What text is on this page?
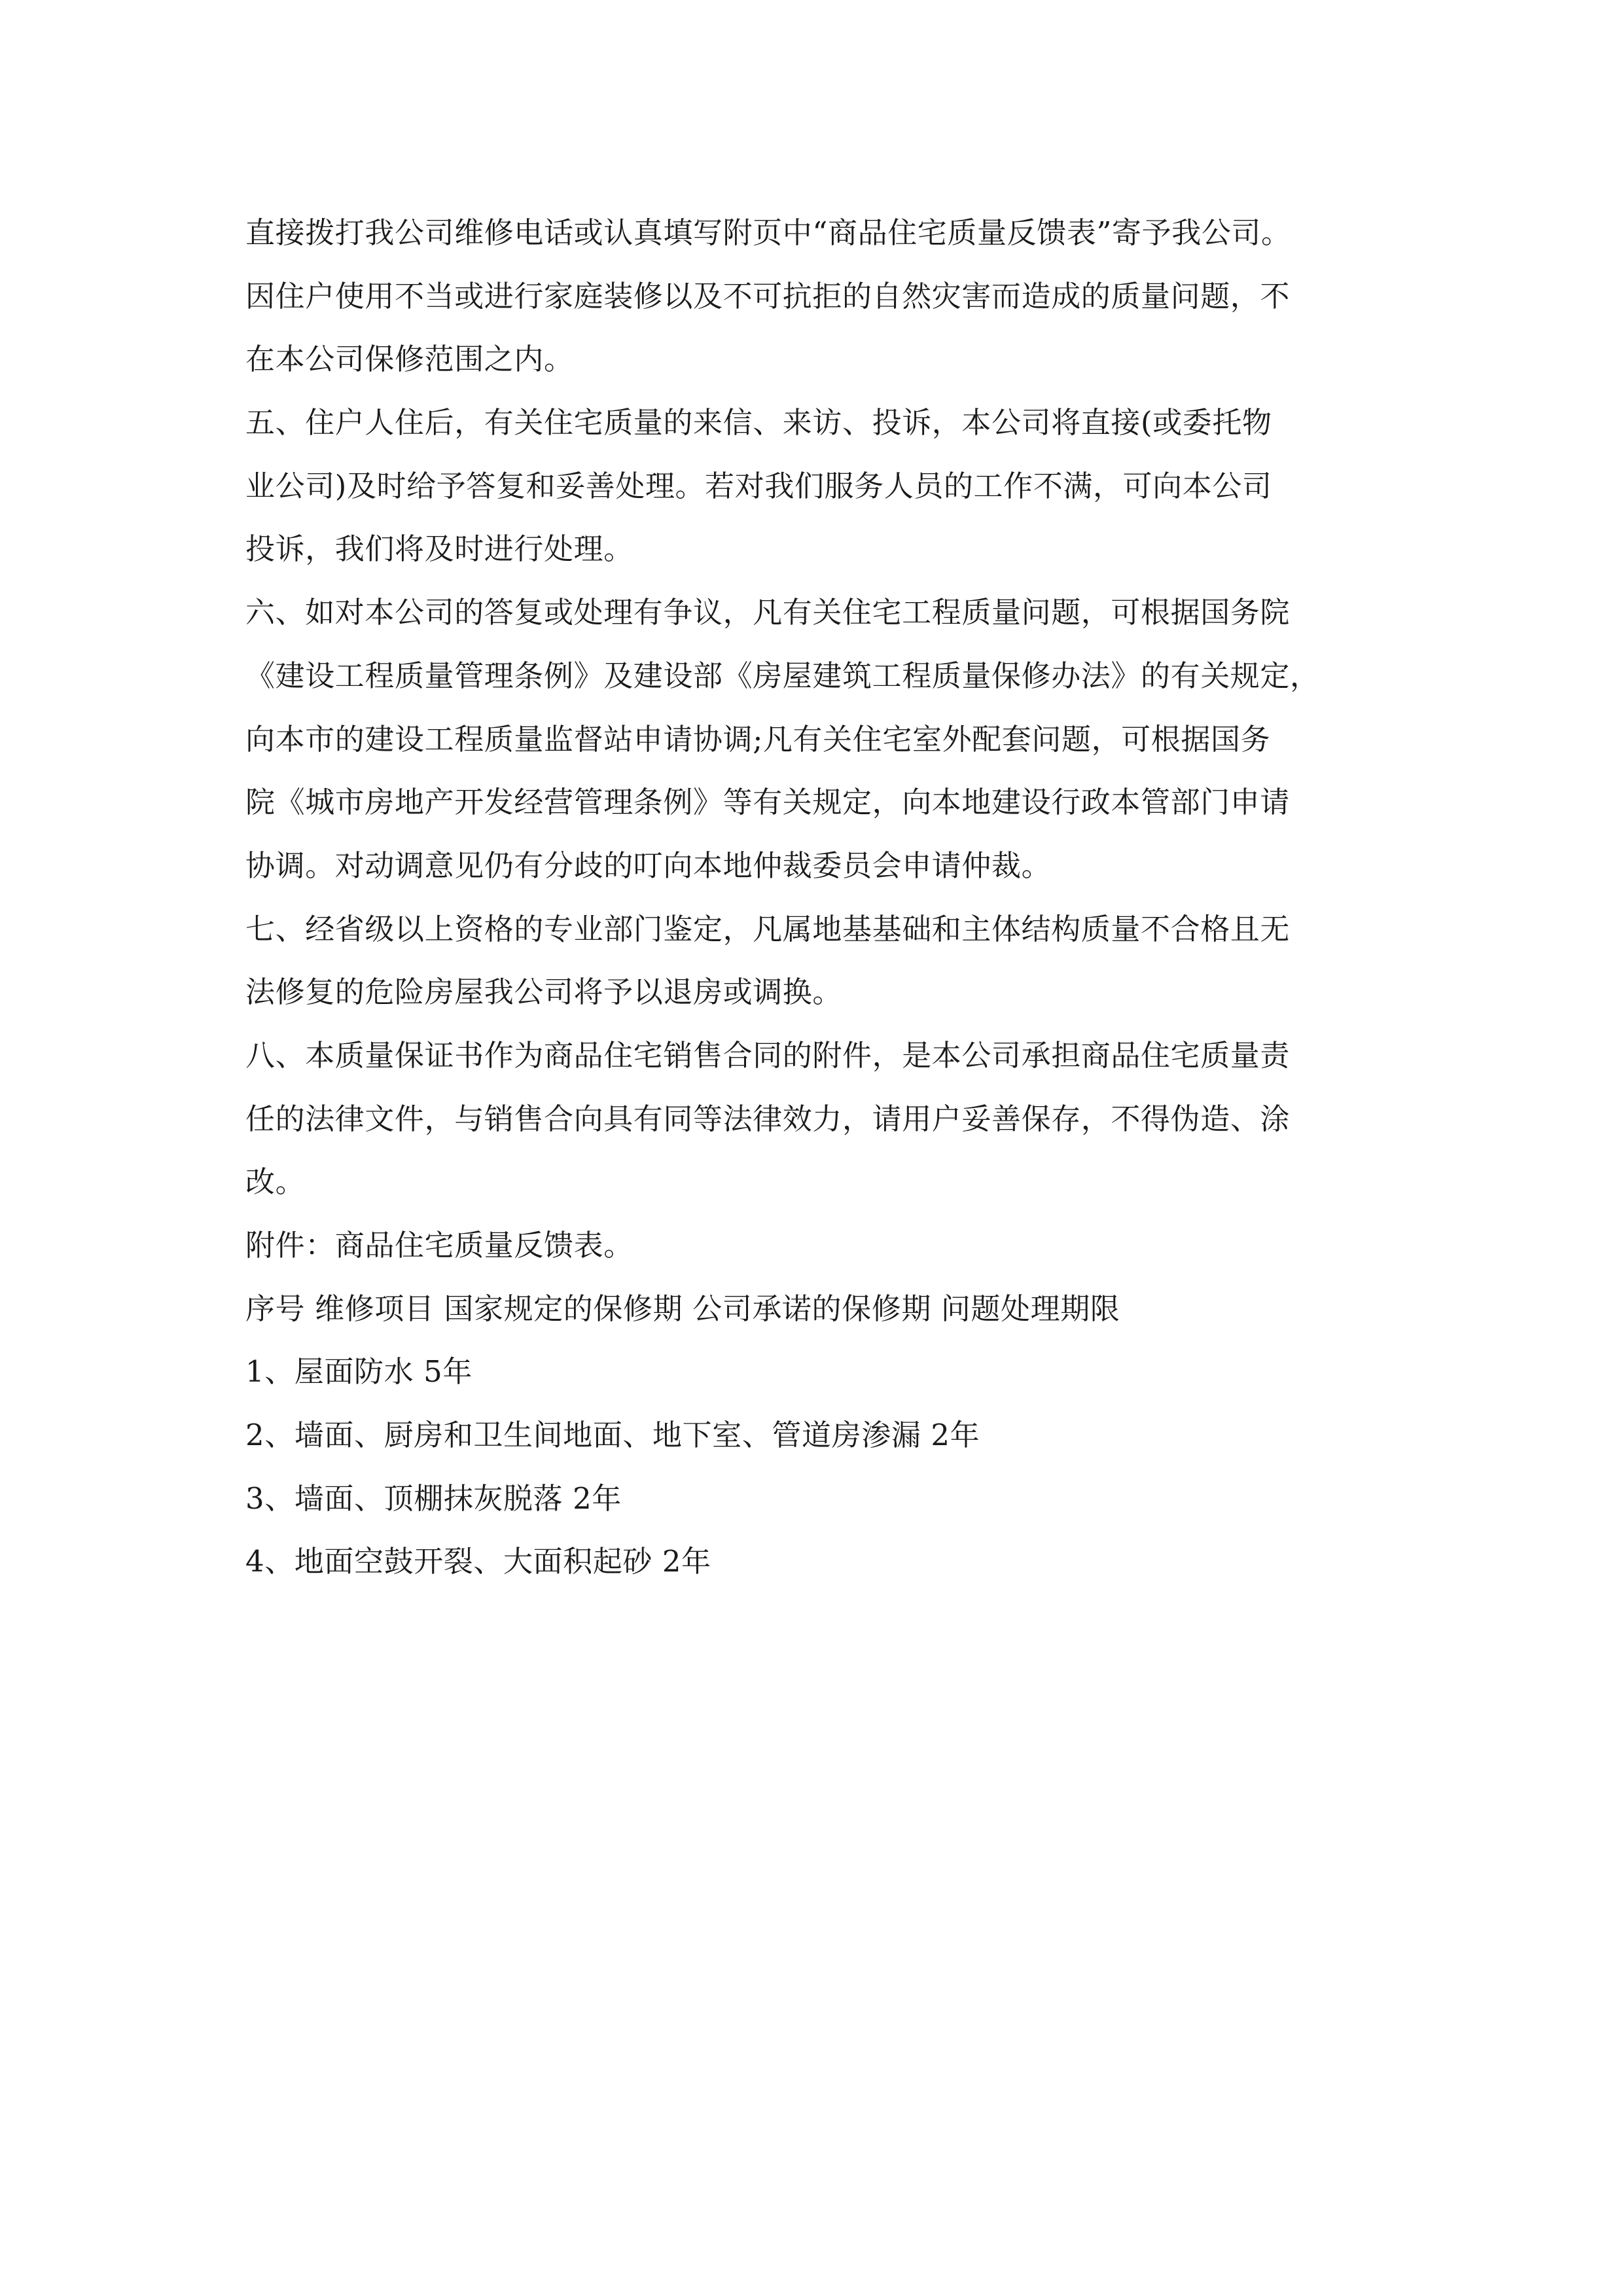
直接拨打我公司维修电话或认真填写附页中“商品住宅质量反馈表”寄予我公司。
因住户使用不当或进行家庭装修以及不可抗拒的自然灾害而造成的质量问题，不
在本公司保修范围之内。
五、住户人住后，有关住宅质量的来信、来访、投诉，本公司将直接(或委托物
业公司)及时给予答复和妥善处理。若对我们服务人员的工作不满，可向本公司
投诉，我们将及时进行处理。
六、如对本公司的答复或处理有争议，凡有关住宅工程质量问题，可根据国务院
《建设工程质量管理条例》及建设部《房屋建筑工程质量保修办法》的有关规定，
向本市的建设工程质量监督站申请协调;凡有关住宅室外配套问题，可根据国务
院《城市房地产开发经营管理条例》等有关规定，向本地建设行政本管部门申请
协调。对动调意见仍有分歧的叮向本地仲裁委员会申请仲裁。
七、经省级以上资格的专业部门鉴定，凡属地基基础和主体结构质量不合格且无
法修复的危险房屋我公司将予以退房或调换。
八、本质量保证书作为商品住宅销售合同的附件，是本公司承担商品住宅质量责
任的法律文件，与销售合向具有同等法律效力，请用户妥善保存，不得伪造、涂
改。
附件：商品住宅质量反馈表。
序号 维修项目 国家规定的保修期 公司承诺的保修期 问题处理期限
1、屋面防水 5年
2、墙面、厨房和卫生间地面、地下室、管道房渗漏 2年
3、墙面、顶棚抹灰脱落 2年
4、地面空鼓开裂、大面积起砂 2年
